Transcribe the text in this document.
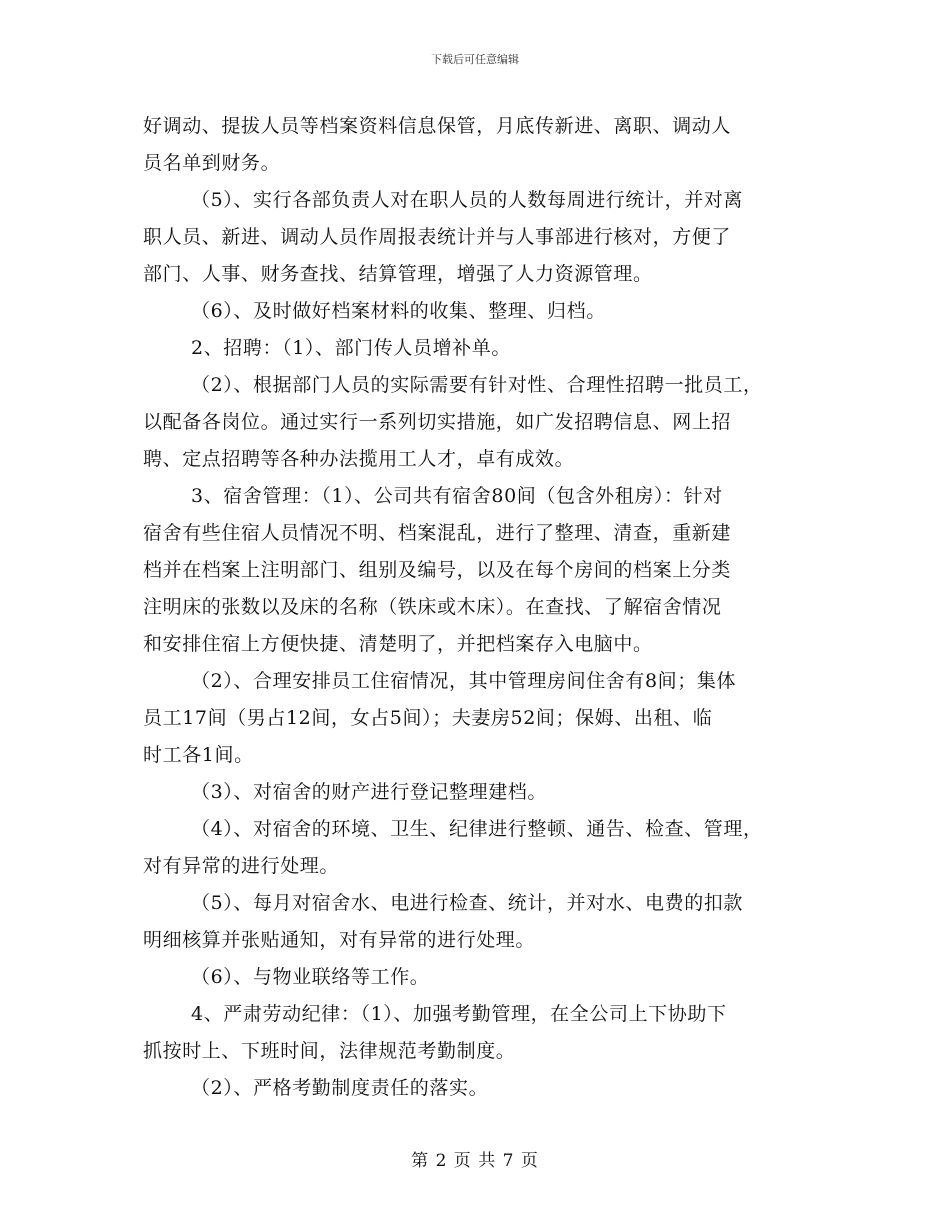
下载后可任意编辑
好调动、提拔人员等档案资料信息保管，月底传新进、离职、调动人
员名单到财务。
（5）、实行各部负责人对在职人员的人数每周进行统计，并对离
职人员、新进、调动人员作周报表统计并与人事部进行核对，方便了
部门、人事、财务查找、结算管理，增强了人力资源管理。
（6）、及时做好档案材料的收集、整理、归档。
2、招聘：（1）、部门传人员增补单。
（2）、根据部门人员的实际需要有针对性、合理性招聘一批员工，
以配备各岗位。通过实行一系列切实措施，如广发招聘信息、网上招
聘、定点招聘等各种办法揽用工人才，卓有成效。
3、宿舍管理：（1）、公司共有宿舍80间（包含外租房）：针对
宿舍有些住宿人员情况不明、档案混乱，进行了整理、清查，重新建
档并在档案上注明部门、组别及编号，以及在每个房间的档案上分类
注明床的张数以及床的名称（铁床或木床）。在查找、了解宿舍情况
和安排住宿上方便快捷、清楚明了，并把档案存入电脑中。
（2）、合理安排员工住宿情况，其中管理房间住舍有8间；集体
员工17间（男占12间，女占5间）；夫妻房52间；保姆、出租、临
时工各1间。
（3）、对宿舍的财产进行登记整理建档。
（4）、对宿舍的环境、卫生、纪律进行整顿、通告、检查、管理，
对有异常的进行处理。
（5）、每月对宿舍水、电进行检查、统计，并对水、电费的扣款
明细核算并张贴通知，对有异常的进行处理。
（6）、与物业联络等工作。
4、严肃劳动纪律：（1）、加强考勤管理，在全公司上下协助下
抓按时上、下班时间，法律规范考勤制度。
（2）、严格考勤制度责任的落实。
第 2 页 共 7 页
